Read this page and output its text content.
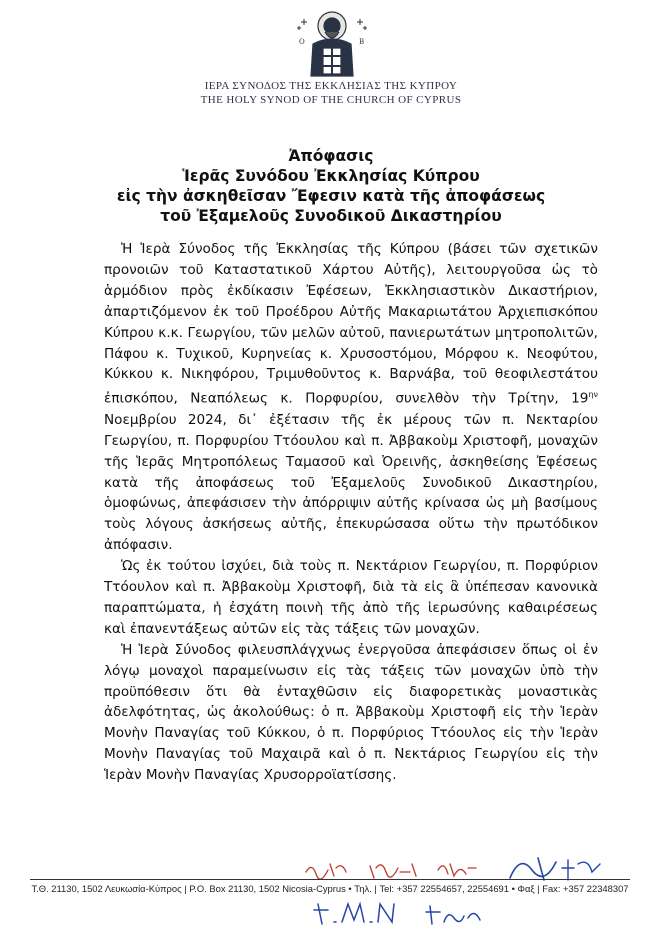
Ο	Β
ΙΕΡΑ ΣΥΝΟΔΟΣ ΤΗΣ ΕΚΚΛΗΣΙΑΣ ΤΗΣ ΚΥΠΡΟΥ
THE HOLY SYNOD OF THE CHURCH OF CYPRUS
Ἀπόφασις
Ἱερᾶς Συνόδου Ἐκκλησίας Κύπρου
εἰς τὴν ἀσκηθεῖσαν Ἔφεσιν κατὰ τῆς ἀποφάσεως
τοῦ Ἐξαμελοῦς Συνοδικοῦ Δικαστηρίου

Ἡ Ἱερὰ Σύνοδος τῆς Ἐκκλησίας τῆς Κύπρου (βάσει τῶν σχετικῶν προνοιῶν τοῦ Καταστατικοῦ Χάρτου Αὐτῆς), λειτουργοῦσα ὡς τὸ ἁρμόδιον πρὸς ἐκδίκασιν Ἐφέσεων, Ἐκκλησιαστικὸν Δικαστήριον, ἀπαρτιζόμενον ἐκ τοῦ Προέδρου Αὐτῆς Μακαριωτάτου Ἀρχιεπισκόπου Κύπρου κ.κ. Γεωργίου, τῶν μελῶν αὐτοῦ, πανιερωτάτων μητροπολιτῶν, Πάφου κ. Τυχικοῦ, Κυρηνείας κ. Χρυσοστόμου, Μόρφου κ. Νεοφύτου, Κύκκου κ. Νικηφόρου, Τριμυθοῦντος κ. Βαρνάβα, τοῦ θεοφιλεστάτου ἐπισκόπου, Νεαπόλεως κ. Πορφυρίου, συνελθὸν τὴν Τρίτην, $19^{\eta\nu}$ Νοεμβρίου 2024, δι᾽ ἐξέτασιν τῆς ἐκ μέρους τῶν π. Νεκταρίου Γεωργίου, π. Πορφυρίου Ττόουλου καὶ π. Ἀββακοὺμ Χριστοφῆ, μοναχῶν τῆς Ἱερᾶς Μητροπόλεως Ταμασοῦ καὶ Ὀρεινῆς, ἀσκηθείσης Ἐφέσεως κατὰ τῆς ἀποφάσεως τοῦ Ἐξαμελοῦς Συνοδικοῦ Δικαστηρίου, ὁμοφώνως, ἀπεφάσισεν τὴν ἀπόρριψιν αὐτῆς κρίνασα ὡς μὴ βασίμους τοὺς λόγους ἀσκήσεως αὐτῆς, ἐπεκυρώσασα οὕτω τὴν πρωτόδικον ἀπόφασιν.

Ὡς ἐκ τούτου ἰσχύει, διὰ τοὺς π. Νεκτάριον Γεωργίου, π. Πορφύριον Ττόουλον καὶ π. Ἀββακοὺμ Χριστοφῆ, διὰ τὰ εἰς ἃ ὑπέπεσαν κανονικὰ παραπτώματα, ἡ ἐσχάτη ποινὴ τῆς ἀπὸ τῆς ἱερωσύνης καθαιρέσεως καὶ ἐπανεντάξεως αὐτῶν εἰς τὰς τάξεις τῶν μοναχῶν.

Ἡ Ἱερὰ Σύνοδος φιλευσπλάγχνως ἐνεργοῦσα ἀπεφάσισεν ὅπως οἱ ἐν λόγῳ μοναχοὶ παραμείνωσιν εἰς τὰς τάξεις τῶν μοναχῶν ὑπὸ τὴν προϋπόθεσιν ὅτι θὰ ἐνταχθῶσιν εἰς διαφορετικὰς μοναστικὰς ἀδελφότητας, ὡς ἀκολούθως: ὁ π. Ἀββακοὺμ Χριστοφῆ εἰς τὴν Ἱερὰν Μονὴν Παναγίας τοῦ Κύκκου, ὁ π. Πορφύριος Ττόουλος εἰς τὴν Ἱερὰν Μονὴν Παναγίας τοῦ Μαχαιρᾶ καὶ ὁ π. Νεκτάριος Γεωργίου εἰς τὴν Ἱερὰν Μονὴν Παναγίας Χρυσορροϊατίσσης.

Τ.Θ. 21130, 1502 Λευκωσία-Κύπρος | P.O. Box 21130, 1502 Nicosia-Cyprus • Τηλ. | Tel: +357 22554657, 22554691 • Φαξ | Fax: +357 22348307
